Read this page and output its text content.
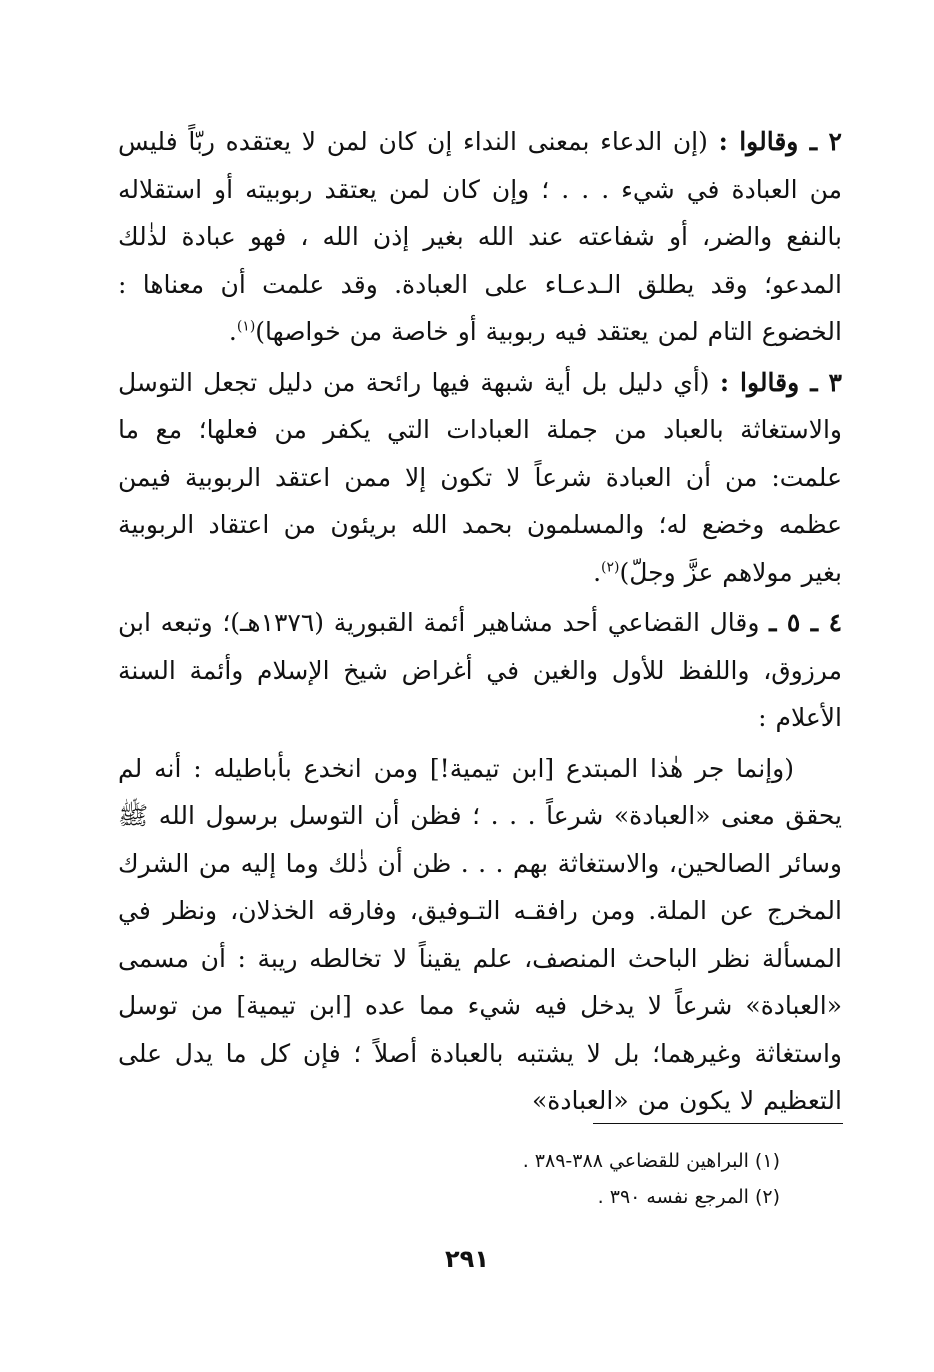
٢ ـ وقالوا : (إن الدعاء بمعنى النداء إن كان لمن لا يعتقده ربّاً فليس من العبادة في شيء . . . ؛ وإن كان لمن يعتقد ربوبيته أو استقلاله بالنفع والضر، أو شفاعته عند الله بغير إذن الله ، فهو عبادة لذٰلك المدعو؛ وقد يطلق الـدعـاء على العبادة. وقد علمت أن معناها : الخضوع التام لمن يعتقد فيه ربوبية أو خاصة من خواصها)$^{(١)}$.

٣ ـ وقالوا : (أي دليل بل أية شبهة فيها رائحة من دليل تجعل التوسل والاستغاثة بالعباد من جملة العبادات التي يكفر من فعلها؛ مع ما علمت: من أن العبادة شرعاً لا تكون إلا ممن اعتقد الربوبية فيمن عظمه وخضع له؛ والمسلمون بحمد الله بريئون من اعتقاد الربوبية بغير مولاهم عزَّ وجلّ)$^{(٢)}$.

٤ ـ ٥ ـ وقال القضاعي أحد مشاهير أئمة القبورية (١٣٧٦هـ)؛ وتبعه ابن مرزوق، واللفظ للأول والغين في أغراض شيخ الإسلام وأئمة السنة الأعلام :

(وإنما جر هٰذا المبتدع [ابن تيمية!] ومن انخدع بأباطيله : أنه لم يحقق معنى «العبادة» شرعاً . . . ؛ فظن أن التوسل برسول الله ﷺ وسائر الصالحين، والاستغاثة بهم . . . ظن أن ذٰلك وما إليه من الشرك المخرج عن الملة. ومن رافقـه التـوفيق، وفارقه الخذلان، ونظر في المسألة نظر الباحث المنصف، علم يقيناً لا تخالطه ريبة : أن مسمى «العبادة» شرعاً لا يدخل فيه شيء مما عده [ابن تيمية] من توسل واستغاثة وغيرهما؛ بل لا يشتبه بالعبادة أصلاً ؛ فإن كل ما يدل على التعظيم لا يكون من «العبادة»

(١) البراهين للقضاعي ٣٨٨-٣٨٩ .

(٢) المرجع نفسه ٣٩٠ .

٢٩١
